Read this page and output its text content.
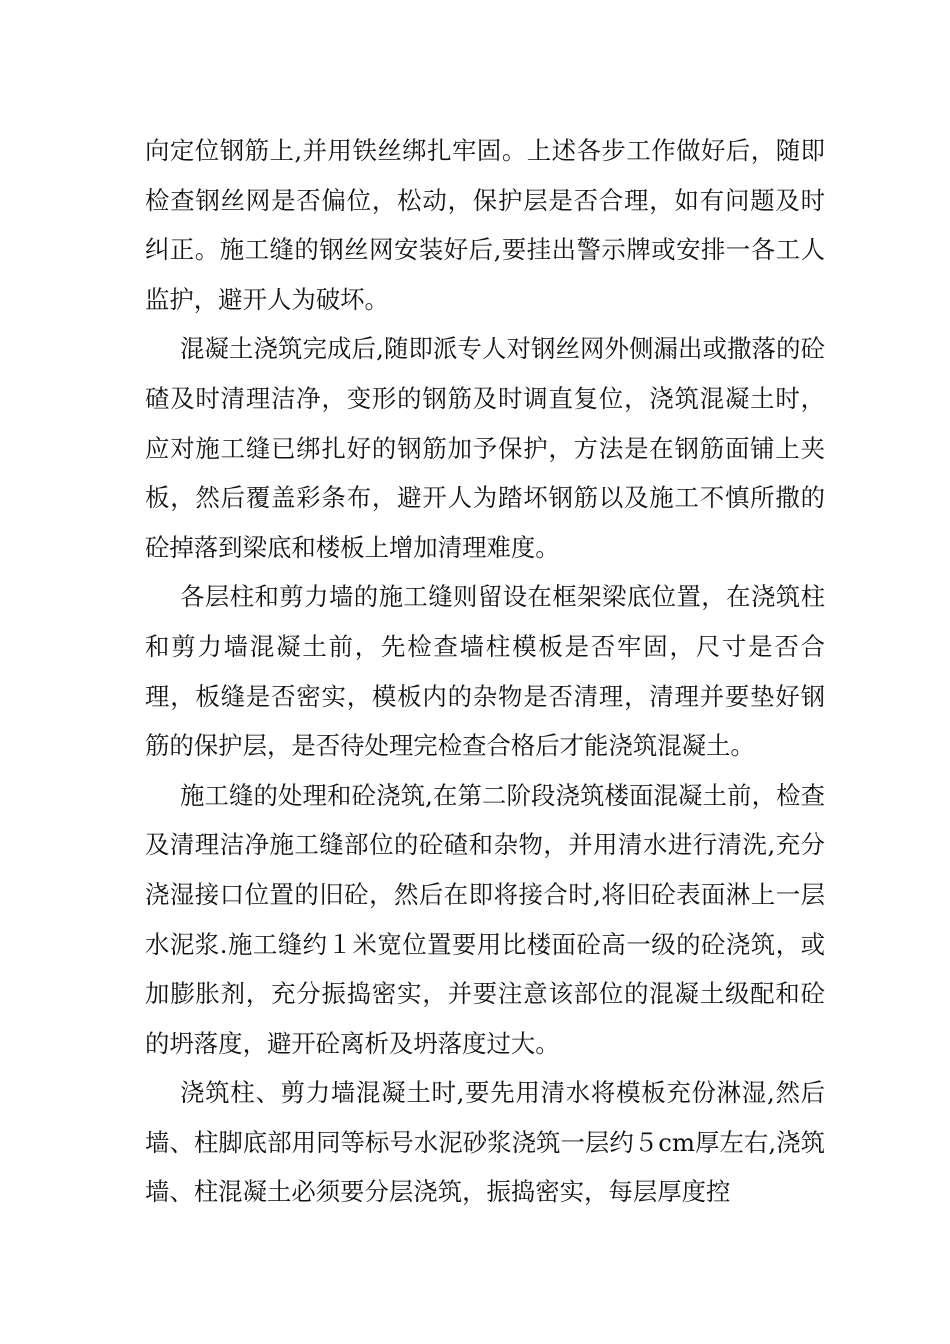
向定位钢筋上,并用铁丝绑扎牢固。上述各步工作做好后，随即检查钢丝网是否偏位，松动，保护层是否合理，如有问题及时纠正。施工缝的钢丝网安装好后,要挂出警示牌或安排一各工人监护，避开人为破坏。

混凝土浇筑完成后,随即派专人对钢丝网外侧漏出或撒落的砼碴及时清理洁净，变形的钢筋及时调直复位，浇筑混凝土时，应对施工缝已绑扎好的钢筋加予保护，方法是在钢筋面铺上夹板，然后覆盖彩条布，避开人为踏坏钢筋以及施工不慎所撒的砼掉落到梁底和楼板上增加清理难度。

各层柱和剪力墙的施工缝则留设在框架梁底位置，在浇筑柱和剪力墙混凝土前，先检查墙柱模板是否牢固，尺寸是否合理，板缝是否密实，模板内的杂物是否清理，清理并要垫好钢筋的保护层，是否待处理完检查合格后才能浇筑混凝土。

施工缝的处理和砼浇筑,在第二阶段浇筑楼面混凝土前，检查及清理洁净施工缝部位的砼碴和杂物，并用清水进行清洗,充分浇湿接口位置的旧砼，然后在即将接合时,将旧砼表面淋上一层水泥浆.施工缝约１米宽位置要用比楼面砼高一级的砼浇筑，或加膨胀剂，充分振捣密实，并要注意该部位的混凝土级配和砼的坍落度，避开砼离析及坍落度过大。

浇筑柱、剪力墙混凝土时,要先用清水将模板充份淋湿,然后墙、柱脚底部用同等标号水泥砂浆浇筑一层约５cm厚左右,浇筑墙、柱混凝土必须要分层浇筑，振捣密实，每层厚度控
